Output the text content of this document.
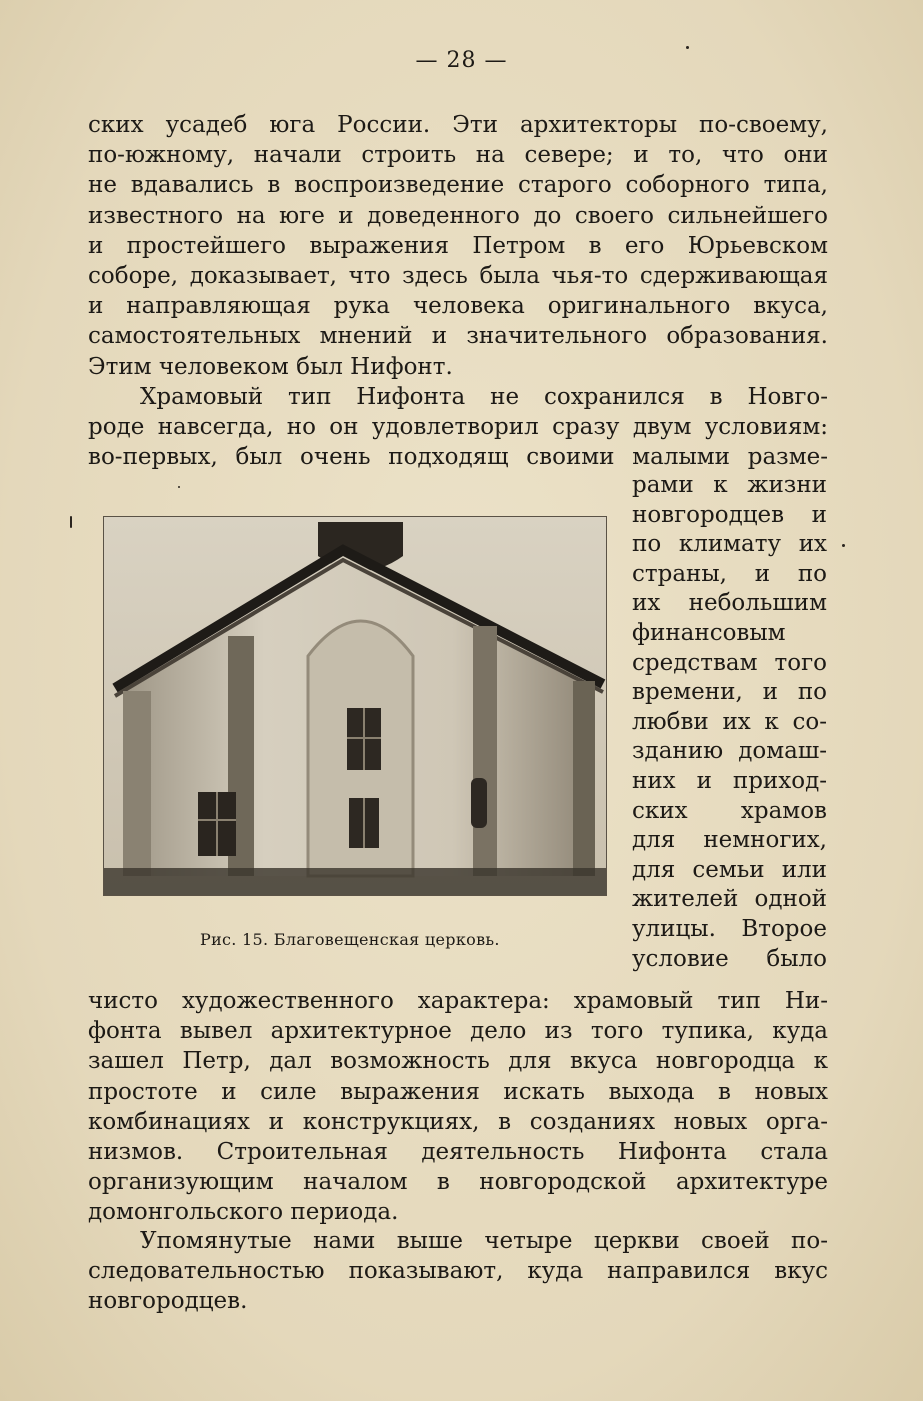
— 28 —
ских усадеб юга России. Эти архитекторы по-своему,
по-южному, начали строить на севере; и то, что они
не вдавались в воспроизведение старого соборного типа,
известного на юге и доведенного до своего сильнейшего
и простейшего выражения Петром в его Юрьевском
соборе, доказывает, что здесь была чья-то сдерживающая
и направляющая рука человека оригинального вкуса,
самостоятельных мнений и значительного образования.
Этим человеком был Нифонт.
Храмовый тип Нифонта не сохранился в Новго-
роде навсегда, но он удовлетворил сразу двум условиям:
во-первых, был очень подходящ своими малыми разме-
рами к жизни
новгородцев и
по климату их
страны, и по
их небольшим
финансовым
средствам того
времени, и по
любви их к со-
зданию домаш-
них и приход-
ских храмов
для немногих,
для семьи или
жителей одной
улицы. Второе
условие было
чисто художественного характера: храмовый тип Ни-
фонта вывел архитектурное дело из того тупика, куда
зашел Петр, дал возможность для вкуса новгородца к
простоте и силе выражения искать выхода в новых
комбинациях и конструкциях, в созданиях новых орга-
низмов. Строительная деятельность Нифонта стала
организующим началом в новгородской архитектуре
домонгольского периода.
Упомянутые нами выше четыре церкви своей по-
следовательностью показывают, куда направился вкус
новгородцев.
Рис. 15. Благовещенская церковь.
